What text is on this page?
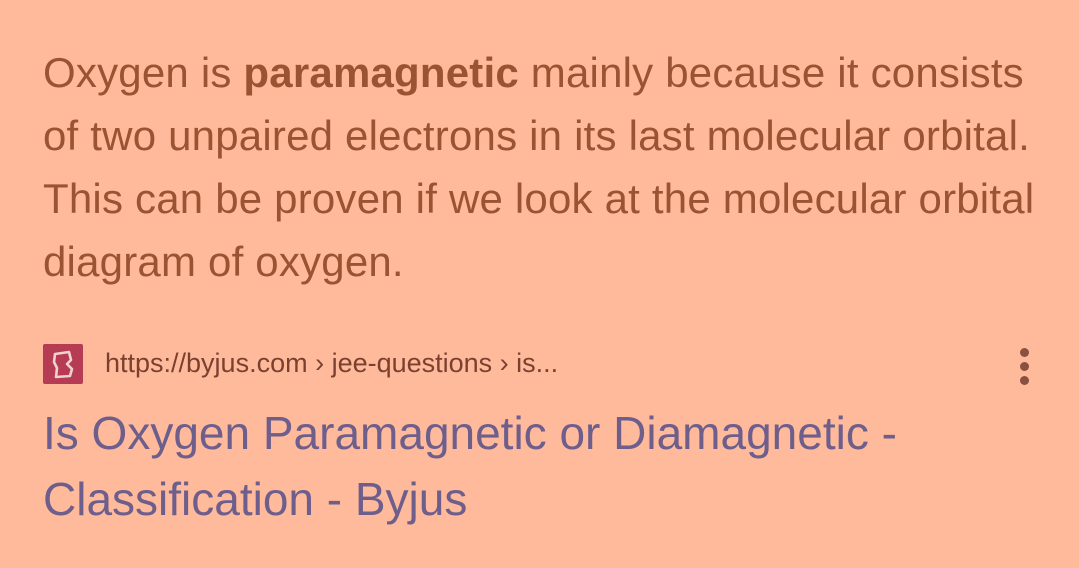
Oxygen is paramagnetic mainly because it consists of two unpaired electrons in its last molecular orbital. This can be proven if we look at the molecular orbital diagram of oxygen.

https://byjus.com › jee-questions › is...
Is Oxygen Paramagnetic or Diamagnetic - Classification - Byjus
